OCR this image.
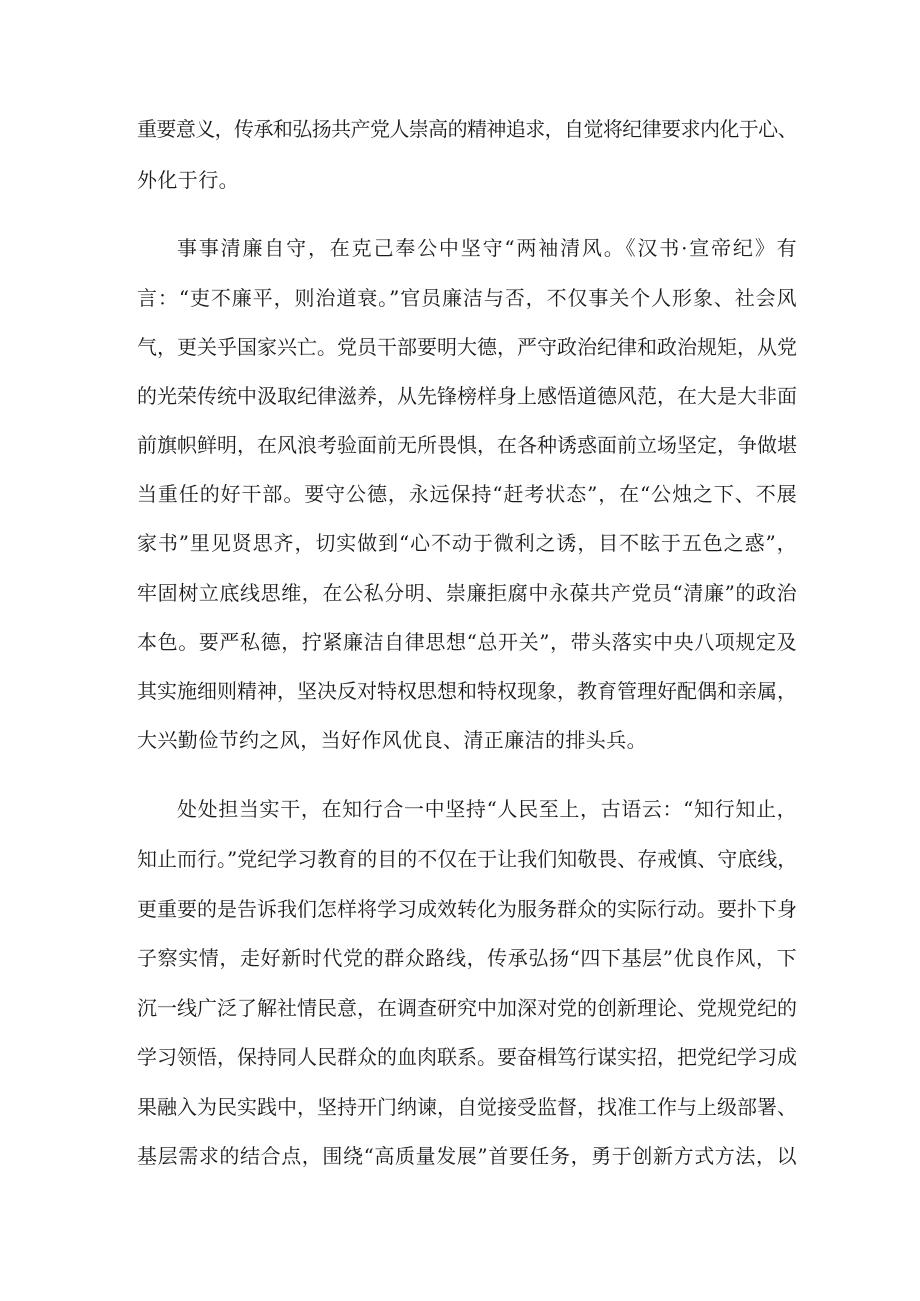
重要意义，传承和弘扬共产党人崇高的精神追求，自觉将纪律要求内化于心、
外化于行。
事事清廉自守，在克己奉公中坚守“两袖清风。《汉书·宣帝纪》有
言：“吏不廉平，则治道衰。”官员廉洁与否，不仅事关个人形象、社会风
气，更关乎国家兴亡。党员干部要明大德，严守政治纪律和政治规矩，从党
的光荣传统中汲取纪律滋养，从先锋榜样身上感悟道德风范，在大是大非面
前旗帜鲜明，在风浪考验面前无所畏惧，在各种诱惑面前立场坚定，争做堪
当重任的好干部。要守公德，永远保持“赶考状态”，在“公烛之下、不展
家书”里见贤思齐，切实做到“心不动于微利之诱，目不眩于五色之惑”，
牢固树立底线思维，在公私分明、崇廉拒腐中永葆共产党员“清廉”的政治
本色。要严私德，拧紧廉洁自律思想“总开关”，带头落实中央八项规定及
其实施细则精神，坚决反对特权思想和特权现象，教育管理好配偶和亲属，
大兴勤俭节约之风，当好作风优良、清正廉洁的排头兵。
处处担当实干，在知行合一中坚持“人民至上，古语云：“知行知止，
知止而行。”党纪学习教育的目的不仅在于让我们知敬畏、存戒慎、守底线，
更重要的是告诉我们怎样将学习成效转化为服务群众的实际行动。要扑下身
子察实情，走好新时代党的群众路线，传承弘扬“四下基层”优良作风，下
沉一线广泛了解社情民意，在调查研究中加深对党的创新理论、党规党纪的
学习领悟，保持同人民群众的血肉联系。要奋楫笃行谋实招，把党纪学习成
果融入为民实践中，坚持开门纳谏，自觉接受监督，找准工作与上级部署、
基层需求的结合点，围绕“高质量发展”首要任务，勇于创新方式方法，以
